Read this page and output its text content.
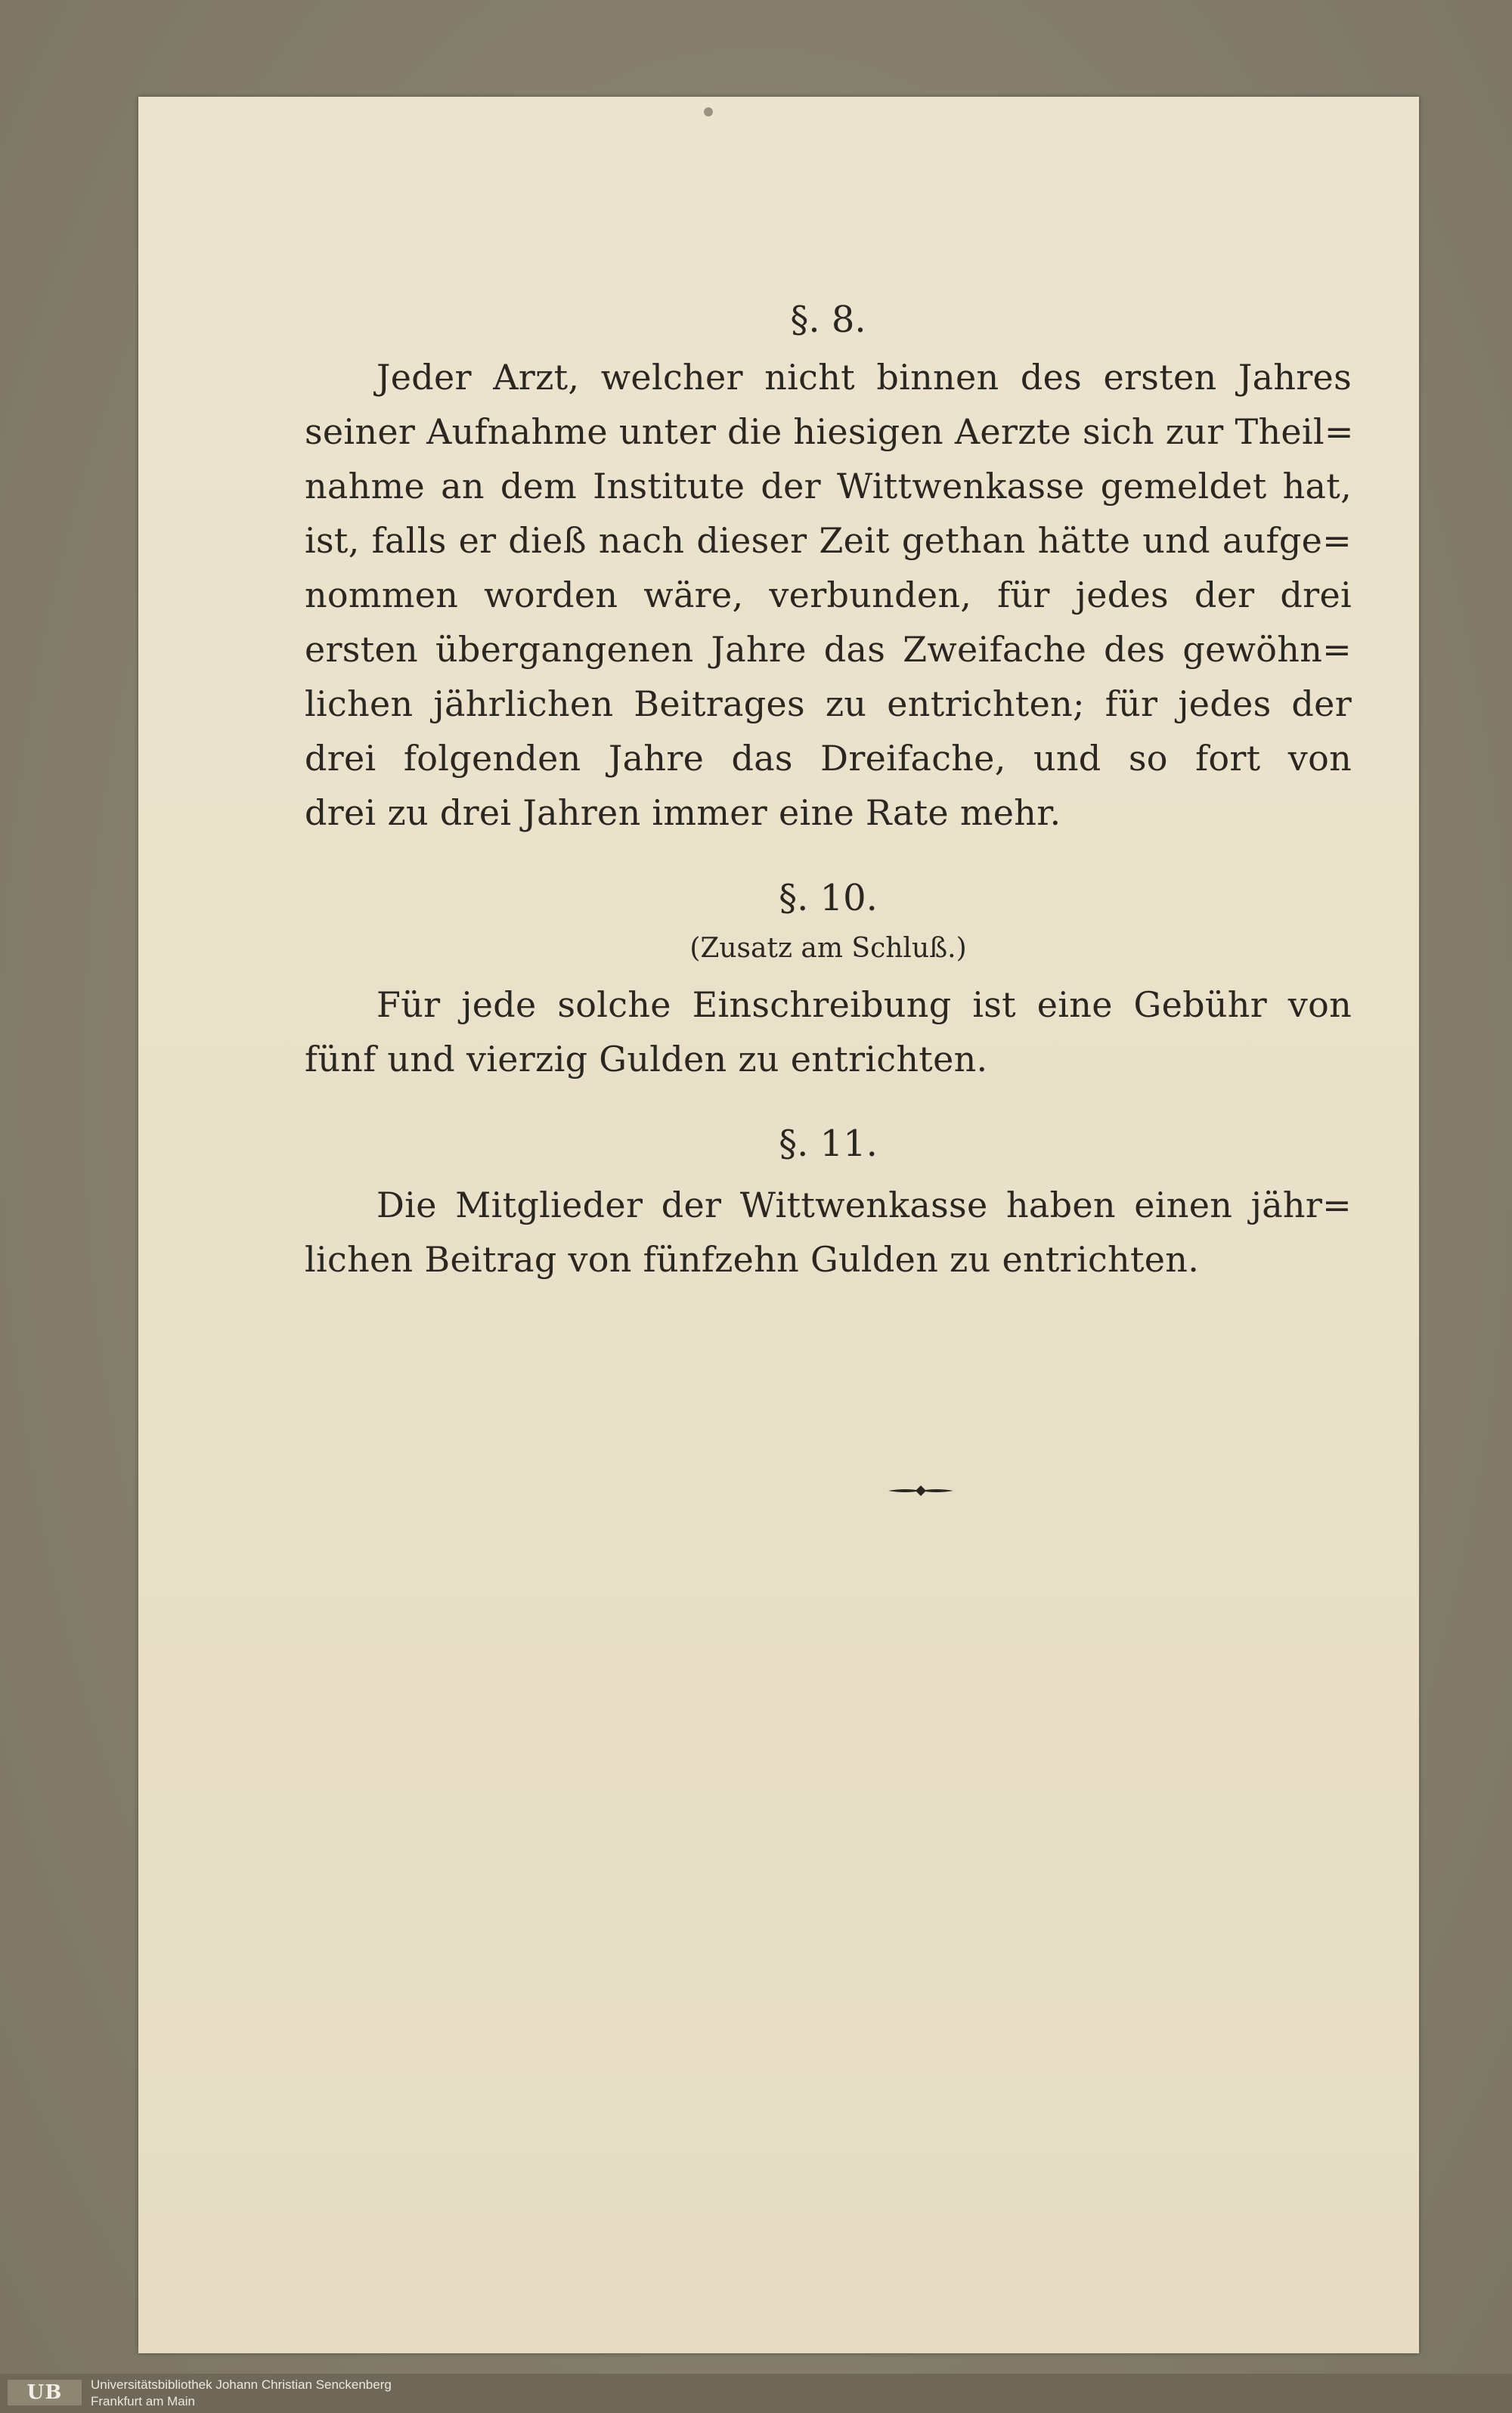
§. 8.
Jeder Arzt, welcher nicht binnen des ersten Jahres
seiner Aufnahme unter die hiesigen Aerzte sich zur Theil=
nahme an dem Institute der Wittwenkasse gemeldet hat,
ist, falls er dieß nach dieser Zeit gethan hätte und aufge=
nommen worden wäre, verbunden, für jedes der drei
ersten übergangenen Jahre das Zweifache des gewöhn=
lichen jährlichen Beitrages zu entrichten; für jedes der
drei folgenden Jahre das Dreifache, und so fort von
drei zu drei Jahren immer eine Rate mehr.
§. 10.
(Zusatz am Schluß.)
Für jede solche Einschreibung ist eine Gebühr von
fünf und vierzig Gulden zu entrichten.
§. 11.
Die Mitglieder der Wittwenkasse haben einen jähr=
lichen Beitrag von fünfzehn Gulden zu entrichten.
UB	Universitätsbibliothek Johann Christian Senckenberg
Frankfurt am Main
